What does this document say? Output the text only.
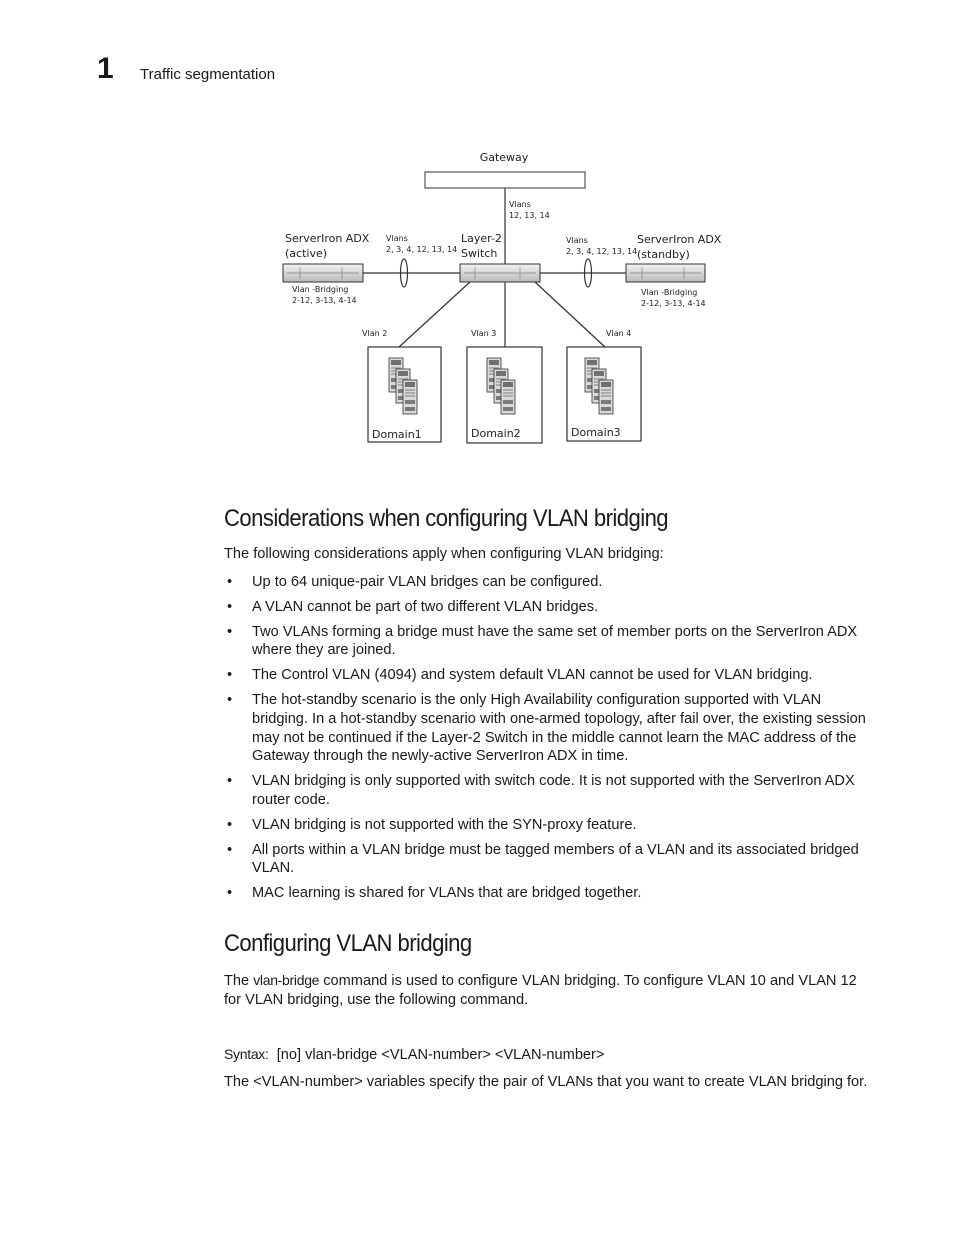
1 Traffic segmentation
Gateway
Vlans
12, 13, 14
Layer-2
Switch
ServerIron ADX
(active)
Vlan -Bridging
2-12, 3-13, 4-14
ServerIron ADX
(standby)
Vlan -Bridging
2-12, 3-13, 4-14
Vlans
2, 3, 4, 12, 13, 14
Vlans
2, 3, 4, 12, 13, 14
Vlan 2	Vlan 3	Vlan 4
Domain1	Domain2	Domain3
Considerations when configuring VLAN bridging

The following considerations apply when configuring VLAN bridging:

• Up to 64 unique-pair VLAN bridges can be configured.
• A VLAN cannot be part of two different VLAN bridges.
• Two VLANs forming a bridge must have the same set of member ports on the ServerIron ADX where they are joined.
• The Control VLAN (4094) and system default VLAN cannot be used for VLAN bridging.
• The hot-standby scenario is the only High Availability configuration supported with VLAN bridging. In a hot-standby scenario with one-armed topology, after fail over, the existing session may not be continued if the Layer-2 Switch in the middle cannot learn the MAC address of the Gateway through the newly-active ServerIron ADX in time.
• VLAN bridging is only supported with switch code. It is not supported with the ServerIron ADX router code.
• VLAN bridging is not supported with the SYN-proxy feature.
• All ports within a VLAN bridge must be tagged members of a VLAN and its associated bridged VLAN.
• MAC learning is shared for VLANs that are bridged together.
Configuring VLAN bridging

The vlan-bridge command is used to configure VLAN bridging. To configure VLAN 10 and VLAN 12 for VLAN bridging, use the following command.

Syntax: [no] vlan-bridge <VLAN-number> <VLAN-number>

The <VLAN-number> variables specify the pair of VLANs that you want to create VLAN bridging for.
